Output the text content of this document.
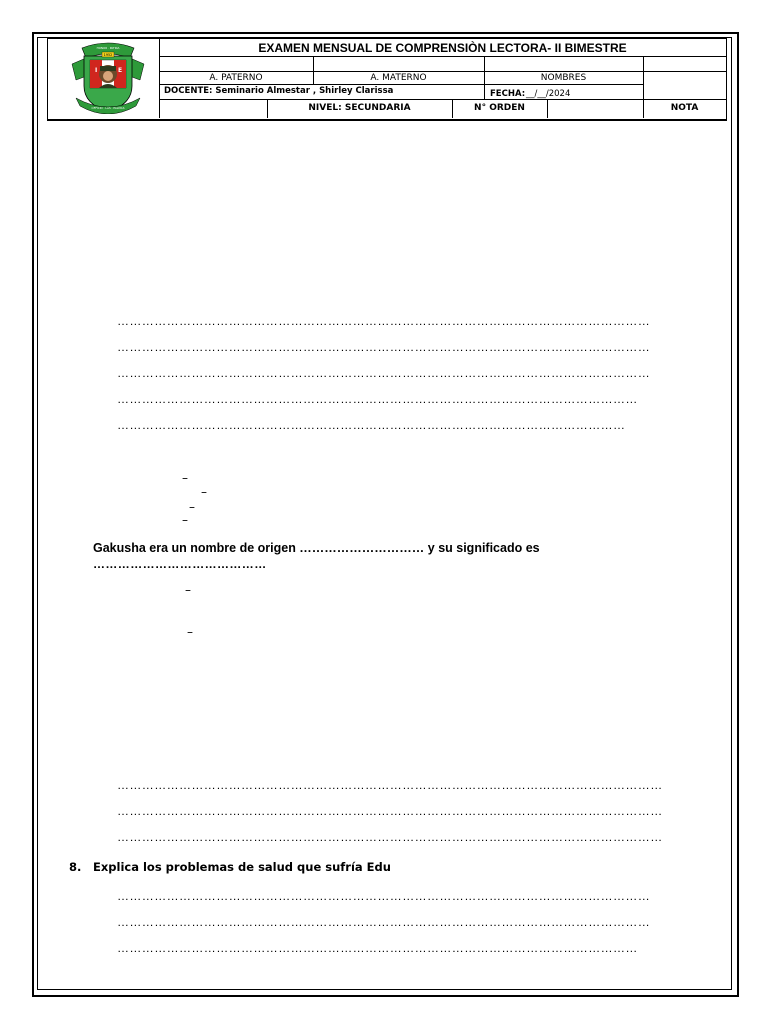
I	E
1952
HONOR · PATRIA
OFFICIO · LAS · PALMAS
EXAMEN MENSUAL DE COMPRENSIÒN LECTORA- II BIMESTRE
A. PATERNO	A. MATERNO	NOMBRES
DOCENTE: Seminario Almestar , Shirley Clarissa	FECHA: __/__/2024
NIVEL: SECUNDARIA	N° ORDEN	NOTA
…………………………………………………………………………………………………………………
…………………………………………………………………………………………………………………
…………………………………………………………………………………………………………………
………………………………………………………………………………………………………………
……………………………………………………………………………………………………………
–
–
–
–
Gakusha era un nombre de origen ………………………… y su significado es
……………………………………
–
–
……………………………………………………………………………………………………………………
……………………………………………………………………………………………………………………
……………………………………………………………………………………………………………………
8. Explica los problemas de salud que sufría Edu
…………………………………………………………………………………………………………………
…………………………………………………………………………………………………………………
………………………………………………………………………………………………………………
